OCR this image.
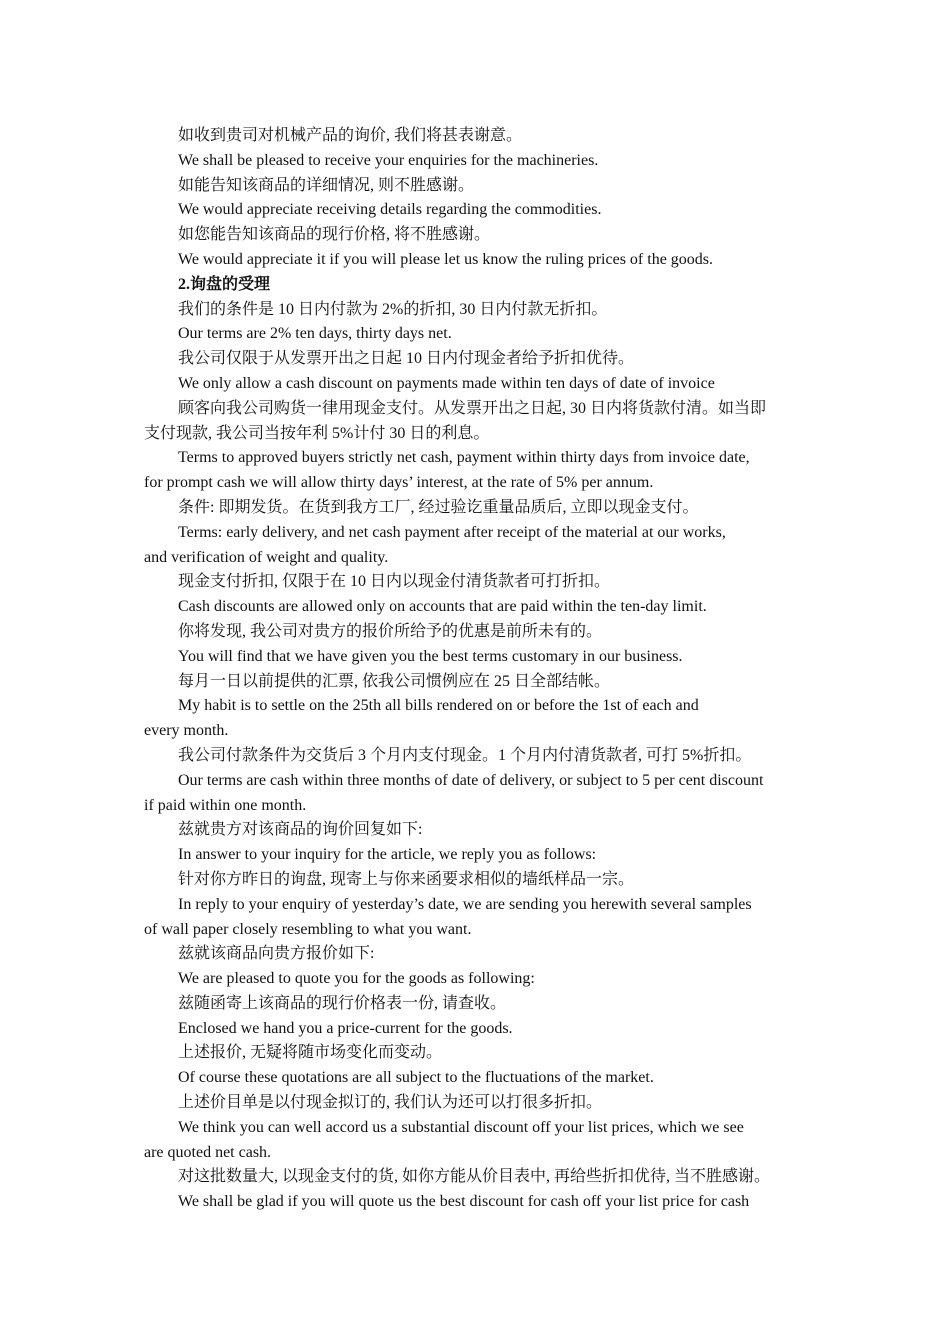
如收到贵司对机械产品的询价, 我们将甚表谢意。

We shall be pleased to receive your enquiries for the machineries.

如能告知该商品的详细情况, 则不胜感谢。

We would appreciate receiving details regarding the commodities.

如您能告知该商品的现行价格, 将不胜感谢。

We would appreciate it if you will please let us know the ruling prices of the goods.

2.询盘的受理

我们的条件是 10 日内付款为 2%的折扣, 30 日内付款无折扣。

Our terms are 2% ten days, thirty days net.

我公司仅限于从发票开出之日起 10 日内付现金者给予折扣优待。

We only allow a cash discount on payments made within ten days of date of invoice

顾客向我公司购货一律用现金支付。从发票开出之日起, 30 日内将货款付清。如当即

支付现款, 我公司当按年利 5%计付 30 日的利息。

Terms to approved buyers strictly net cash, payment within thirty days from invoice date,

for prompt cash we will allow thirty days’ interest, at the rate of 5% per annum.

条件: 即期发货。在货到我方工厂, 经过验讫重量品质后, 立即以现金支付。

Terms: early delivery, and net cash payment after receipt of the material at our works,

and verification of weight and quality.

现金支付折扣, 仅限于在 10 日内以现金付清货款者可打折扣。

Cash discounts are allowed only on accounts that are paid within the ten-day limit.

你将发现, 我公司对贵方的报价所给予的优惠是前所未有的。

You will find that we have given you the best terms customary in our business.

每月一日以前提供的汇票, 依我公司惯例应在 25 日全部结帐。

My habit is to settle on the 25th all bills rendered on or before the 1st of each and

every month.

我公司付款条件为交货后 3 个月内支付现金。1 个月内付清货款者, 可打 5%折扣。

Our terms are cash within three months of date of delivery, or subject to 5 per cent discount

if paid within one month.

兹就贵方对该商品的询价回复如下:

In answer to your inquiry for the article, we reply you as follows:

针对你方昨日的询盘, 现寄上与你来函要求相似的墙纸样品一宗。

In reply to your enquiry of yesterday’s date, we are sending you herewith several samples

of wall paper closely resembling to what you want.

兹就该商品向贵方报价如下:

We are pleased to quote you for the goods as following:

兹随函寄上该商品的现行价格表一份, 请查收。

Enclosed we hand you a price-current for the goods.

上述报价, 无疑将随市场变化而变动。

Of course these quotations are all subject to the fluctuations of the market.

上述价目单是以付现金拟订的, 我们认为还可以打很多折扣。

We think you can well accord us a substantial discount off your list prices, which we see

are quoted net cash.

对这批数量大, 以现金支付的货, 如你方能从价目表中, 再给些折扣优待, 当不胜感谢。

We shall be glad if you will quote us the best discount for cash off your list price for cash
